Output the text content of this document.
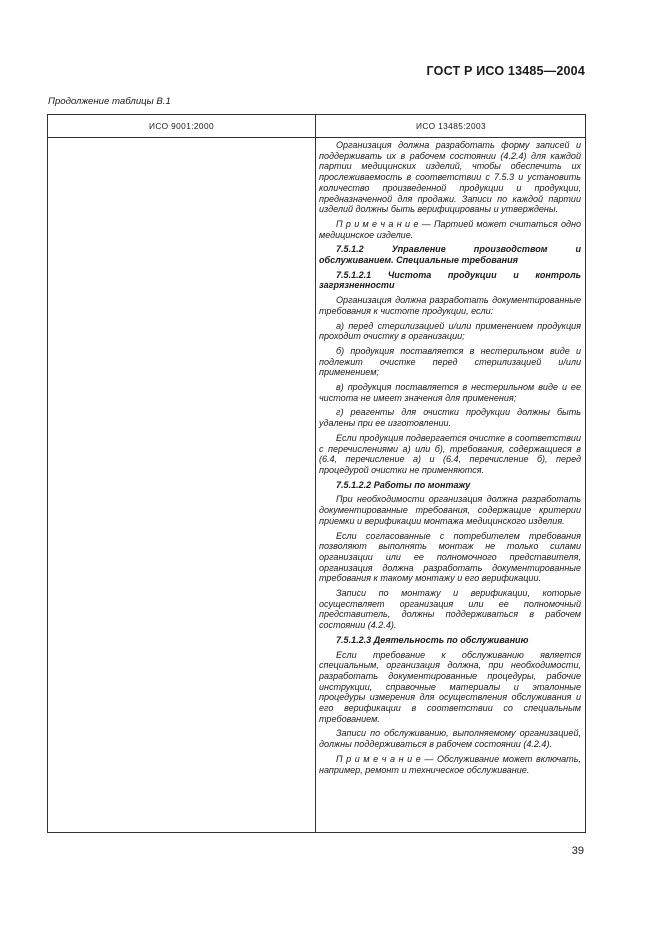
ГОСТ Р ИСО 13485—2004
Продолжение таблицы В.1
ИСО 9001:2000	ИСО 13485:2003

Организация должна разработать форму записей и поддерживать их в рабочем состоянии (4.2.4) для каждой партии медицинских изделий, чтобы обеспечить их прослеживаемость в соответствии с 7.5.3 и установить количество произведенной продукции и продукции, предназначенной для продажи. Записи по каждой партии изделий должны быть верифицированы и утверждены.

П р и м е ч а н и е — Партией может считаться одно медицинское изделие.

7.5.1.2 Управление производством и обслуживанием. Специальные требования

7.5.1.2.1 Чистота продукции и контроль загрязненности

Организация должна разработать документированные требования к чистоте продукции, если:

а) перед стерилизацией и/или применением продукция проходит очистку в организации;

б) продукция поставляется в нестерильном виде и подлежит очистке перед стерилизацией и/или применением;

в) продукция поставляется в нестерильном виде и ее чистота не имеет значения для применения;

г) реагенты для очистки продукции должны быть удалены при ее изготовлении.

Если продукция подвергается очистке в соответствии с перечислениями а) или б), требования, содержащиеся в (6.4, перечисление а) и (6.4, перечисление б), перед процедурой очистки не применяются.

7.5.1.2.2 Работы по монтажу

При необходимости организация должна разработать документированные требования, содержащие критерии приемки и верификации монтажа медицинского изделия.

Если согласованные с потребителем требования позволяют выполнять монтаж не только силами организации или ее полномочного представителя, организация должна разработать документированные требования к такому монтажу и его верификации.

Записи по монтажу и верификации, которые осуществляет организация или ее полномочный представитель, должны поддерживаться в рабочем состоянии (4.2.4).

7.5.1.2.3 Деятельность по обслуживанию

Если требование к обслуживанию является специальным, организация должна, при необходимости, разработать документированные процедуры, рабочие инструкции, справочные материалы и эталонные процедуры измерения для осуществления обслуживания и его верификации в соответствии со специальным требованием.

Записи по обслуживанию, выполняемому организацией, должны поддерживаться в рабочем состоянии (4.2.4).

П р и м е ч а н и е — Обслуживание может включать, например, ремонт и техническое обслуживание.

39
